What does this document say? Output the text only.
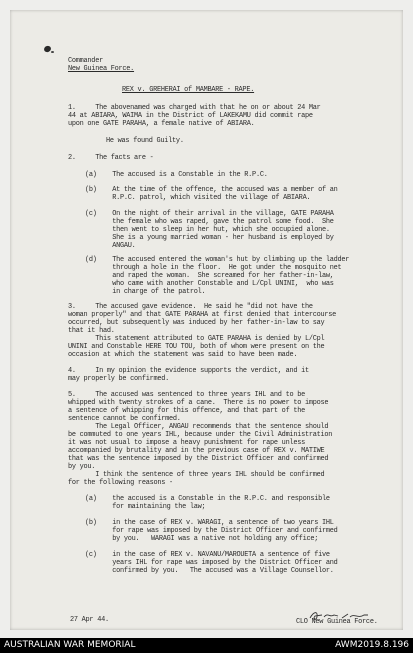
Commander
New Guinea Force.
REX v. GREHERAI of MAMBARE - RAPE.
1.     The abovenamed was charged with that he on or about 24 Mar
44 at ABIARA, WAIMA in the District of LAKEKAMU did commit rape
upon one GATE PARAHA, a female native of ABIARA.
He was found Guilty.
2.     The facts are -
(a)    The accused is a Constable in the R.P.C.
(b)    At the time of the offence, the accused was a member of an
R.P.C. patrol, which visited the village of ABIARA.
(c)    On the night of their arrival in the village, GATE PARAHA
the female who was raped, gave the patrol some food.  She
then went to sleep in her hut, which she occupied alone.
She is a young married woman - her husband is employed by
ANGAU.
(d)    The accused entered the woman's hut by climbing up the ladder
through a hole in the floor.  He got under the mosquito net
and raped the woman.  She screamed for her father-in-law,
who came with another Constable and L/Cpl UNINI,  who was
in charge of the patrol.
3.     The accused gave evidence.  He said he "did not have the
woman properly" and that GATE PARAHA at first denied that intercourse
occurred, but subsequently was induced by her father-in-law to say
that it had.
This statement attributed to GATE PARAHA is denied by L/Cpl
UNINI and Constable HERE TOU TOU, both of whom were present on the
occasion at which the statement was said to have been made.
4.     In my opinion the evidence supports the verdict, and it
may properly be confirmed.
5.     The accused was sentenced to three years IHL and to be
whipped with twenty strokes of a cane.  There is no power to impose
a sentence of whipping for this offence, and that part of the
sentence cannot be confirmed.
The Legal Officer, ANGAU recommends that the sentence should
be commuted to one years IHL, because under the Civil Administration
it was not usual to impose a heavy punishment for rape unless
accompanied by brutality and in the previous case of REX v. MATIWE
that was the sentence imposed by the District Officer and confirmed
by you.
I think the sentence of three years IHL should be confirmed
for the following reasons -
(a)    the accused is a Constable in the R.P.C. and responsible
for maintaining the law;
(b)    in the case of REX v. WARAGI, a sentence of two years IHL
for rape was imposed by the District Officer and confirmed
by you.   WARAGI was a native not holding any office;
(c)    in the case of REX v. NAVANU/MAROUETA a sentence of five
years IHL for rape was imposed by the District Officer and
confirmed by you.   The accused was a Village Counsellor.
27 Apr 44.	CLO New Guinea Force.
AUSTRALIAN WAR MEMORIAL	AWM2019.8.196
